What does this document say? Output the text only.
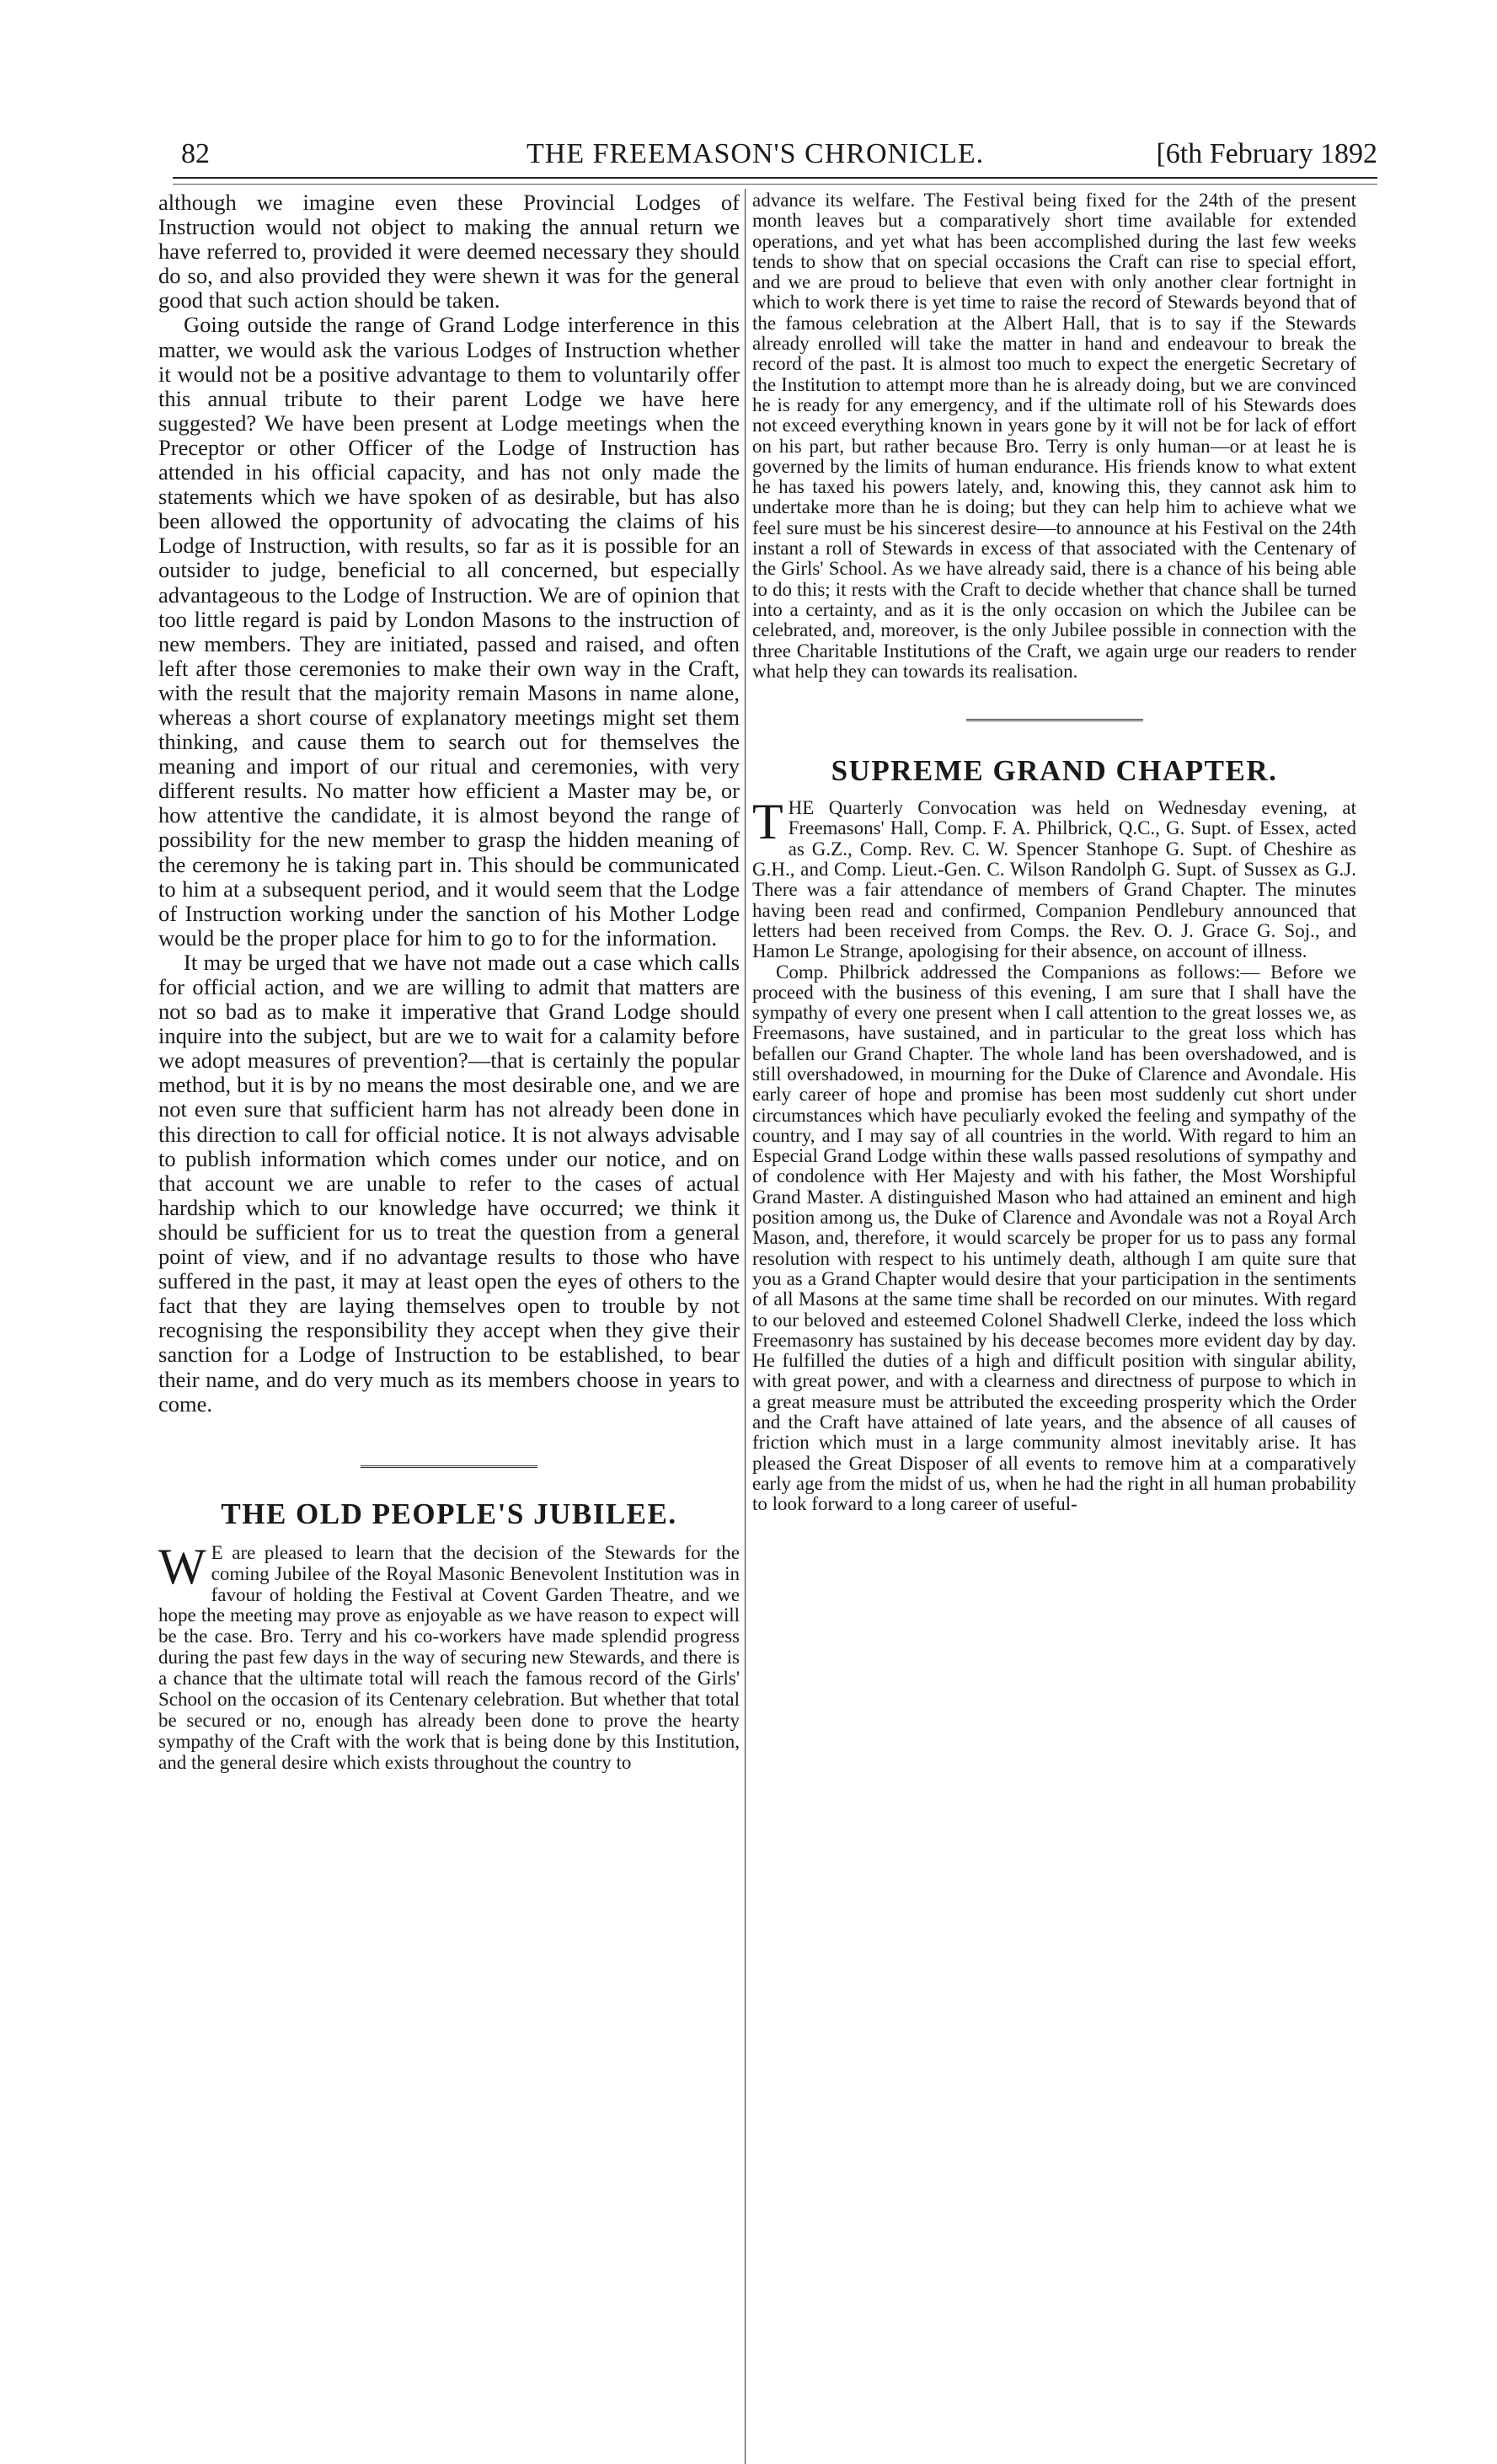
82	THE FREEMASON'S CHRONICLE.	[6th February 1892

although we imagine even these Provincial Lodges of Instruction would not object to making the annual return we have referred to, provided it were deemed necessary they should do so, and also provided they were shewn it was for the general good that such action should be taken.

Going outside the range of Grand Lodge interference in this matter, we would ask the various Lodges of Instruction whether it would not be a positive advantage to them to voluntarily offer this annual tribute to their parent Lodge we have here suggested? We have been present at Lodge meetings when the Preceptor or other Officer of the Lodge of Instruction has attended in his official capacity, and has not only made the statements which we have spoken of as desirable, but has also been allowed the opportunity of advocating the claims of his Lodge of Instruction, with results, so far as it is possible for an outsider to judge, beneficial to all concerned, but especially advantageous to the Lodge of Instruction. We are of opinion that too little regard is paid by London Masons to the instruction of new members. They are initiated, passed and raised, and often left after those ceremonies to make their own way in the Craft, with the result that the majority remain Masons in name alone, whereas a short course of explanatory meetings might set them thinking, and cause them to search out for themselves the meaning and import of our ritual and ceremonies, with very different results. No matter how efficient a Master may be, or how attentive the candidate, it is almost beyond the range of possibility for the new member to grasp the hidden meaning of the ceremony he is taking part in. This should be communicated to him at a subsequent period, and it would seem that the Lodge of Instruction working under the sanction of his Mother Lodge would be the proper place for him to go to for the information.

It may be urged that we have not made out a case which calls for official action, and we are willing to admit that matters are not so bad as to make it imperative that Grand Lodge should inquire into the subject, but are we to wait for a calamity before we adopt measures of prevention?—that is certainly the popular method, but it is by no means the most desirable one, and we are not even sure that sufficient harm has not already been done in this direction to call for official notice. It is not always advisable to publish information which comes under our notice, and on that account we are unable to refer to the cases of actual hardship which to our knowledge have occurred; we think it should be sufficient for us to treat the question from a general point of view, and if no advantage results to those who have suffered in the past, it may at least open the eyes of others to the fact that they are laying themselves open to trouble by not recognising the responsibility they accept when they give their sanction for a Lodge of Instruction to be established, to bear their name, and do very much as its members choose in years to come.

THE OLD PEOPLE'S JUBILEE.

W E are pleased to learn that the decision of the Stewards for the coming Jubilee of the Royal Masonic Benevolent Institution was in favour of holding the Festival at Covent Garden Theatre, and we hope the meeting may prove as enjoyable as we have reason to expect will be the case. Bro. Terry and his co-workers have made splendid progress during the past few days in the way of securing new Stewards, and there is a chance that the ultimate total will reach the famous record of the Girls' School on the occasion of its Centenary celebration. But whether that total be secured or no, enough has already been done to prove the hearty sympathy of the Craft with the work that is being done by this Institution, and the general desire which exists throughout the country to

advance its welfare. The Festival being fixed for the 24th of the present month leaves but a comparatively short time available for extended operations, and yet what has been accomplished during the last few weeks tends to show that on special occasions the Craft can rise to special effort, and we are proud to believe that even with only another clear fortnight in which to work there is yet time to raise the record of Stewards beyond that of the famous celebration at the Albert Hall, that is to say if the Stewards already enrolled will take the matter in hand and endeavour to break the record of the past. It is almost too much to expect the energetic Secretary of the Institution to attempt more than he is already doing, but we are convinced he is ready for any emergency, and if the ultimate roll of his Stewards does not exceed everything known in years gone by it will not be for lack of effort on his part, but rather because Bro. Terry is only human—or at least he is governed by the limits of human endurance. His friends know to what extent he has taxed his powers lately, and, knowing this, they cannot ask him to undertake more than he is doing; but they can help him to achieve what we feel sure must be his sincerest desire—to announce at his Festival on the 24th instant a roll of Stewards in excess of that associated with the Centenary of the Girls' School. As we have already said, there is a chance of his being able to do this; it rests with the Craft to decide whether that chance shall be turned into a certainty, and as it is the only occasion on which the Jubilee can be celebrated, and, moreover, is the only Jubilee possible in connection with the three Charitable Institutions of the Craft, we again urge our readers to render what help they can towards its realisation.

SUPREME GRAND CHAPTER.

THE Quarterly Convocation was held on Wednesday evening, at Freemasons' Hall, Comp. F. A. Philbrick, Q.C., G. Supt. of Essex, acted as G.Z., Comp. Rev. C. W. Spencer Stanhope G. Supt. of Cheshire as G.H., and Comp. Lieut.-Gen. C. Wilson Randolph G. Supt. of Sussex as G.J. There was a fair attendance of members of Grand Chapter. The minutes having been read and confirmed, Companion Pendlebury announced that letters had been received from Comps. the Rev. O. J. Grace G. Soj., and Hamon Le Strange, apologising for their absence, on account of illness.

Comp. Philbrick addressed the Companions as follows:— Before we proceed with the business of this evening, I am sure that I shall have the sympathy of every one present when I call attention to the great losses we, as Freemasons, have sustained, and in particular to the great loss which has befallen our Grand Chapter. The whole land has been overshadowed, and is still overshadowed, in mourning for the Duke of Clarence and Avondale. His early career of hope and promise has been most suddenly cut short under circumstances which have peculiarly evoked the feeling and sympathy of the country, and I may say of all countries in the world. With regard to him an Especial Grand Lodge within these walls passed resolutions of sympathy and of condolence with Her Majesty and with his father, the Most Worshipful Grand Master. A distinguished Mason who had attained an eminent and high position among us, the Duke of Clarence and Avondale was not a Royal Arch Mason, and, therefore, it would scarcely be proper for us to pass any formal resolution with respect to his untimely death, although I am quite sure that you as a Grand Chapter would desire that your participation in the sentiments of all Masons at the same time shall be recorded on our minutes. With regard to our beloved and esteemed Colonel Shadwell Clerke, indeed the loss which Freemasonry has sustained by his decease becomes more evident day by day. He fulfilled the duties of a high and difficult position with singular ability, with great power, and with a clearness and directness of purpose to which in a great measure must be attributed the exceeding prosperity which the Order and the Craft have attained of late years, and the absence of all causes of friction which must in a large community almost inevitably arise. It has pleased the Great Disposer of all events to remove him at a comparatively early age from the midst of us, when he had the right in all human probability to look forward to a long career of useful-
